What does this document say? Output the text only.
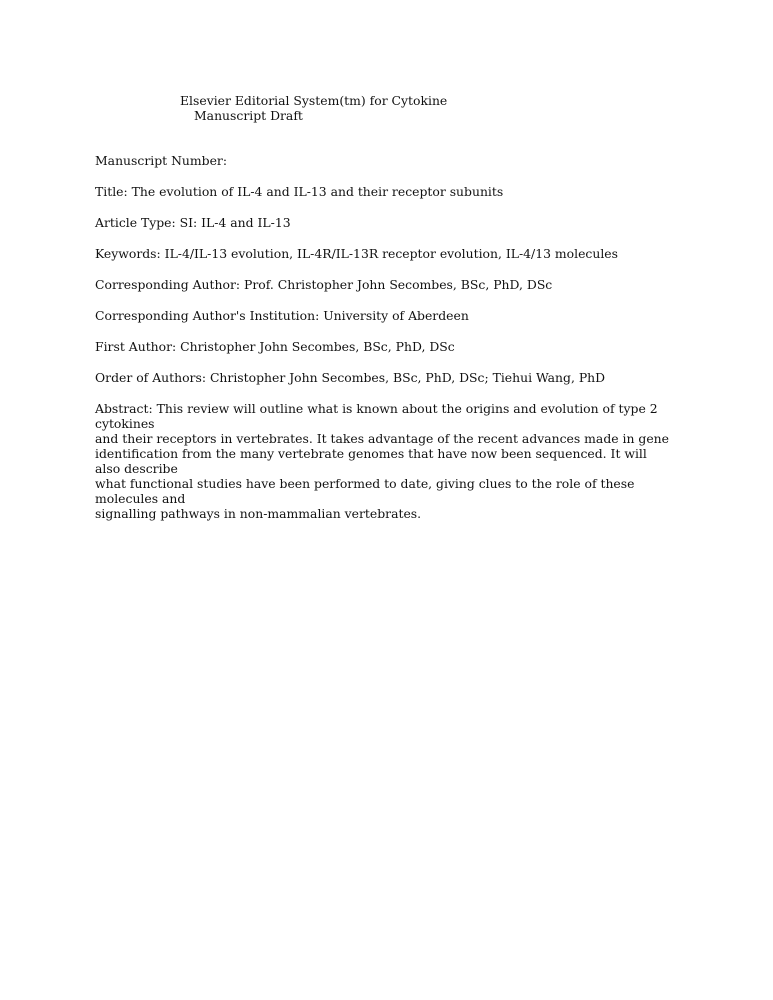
Elsevier Editorial System(tm) for Cytokine
Manuscript Draft
Manuscript Number:
Title: The evolution of IL-4 and IL-13 and their receptor subunits
Article Type: SI: IL-4 and IL-13
Keywords: IL-4/IL-13 evolution, IL-4R/IL-13R receptor evolution, IL-4/13 molecules
Corresponding Author: Prof. Christopher John Secombes, BSc, PhD, DSc
Corresponding Author's Institution: University of Aberdeen
First Author: Christopher John Secombes, BSc, PhD, DSc
Order of Authors: Christopher John Secombes, BSc, PhD, DSc; Tiehui Wang, PhD
Abstract: This review will outline what is known about the origins and evolution of type 2 cytokines
and their receptors in vertebrates. It takes advantage of the recent advances made in gene
identification from the many vertebrate genomes that have now been sequenced. It will also describe
what functional studies have been performed to date, giving clues to the role of these molecules and
signalling pathways in non-mammalian vertebrates.
